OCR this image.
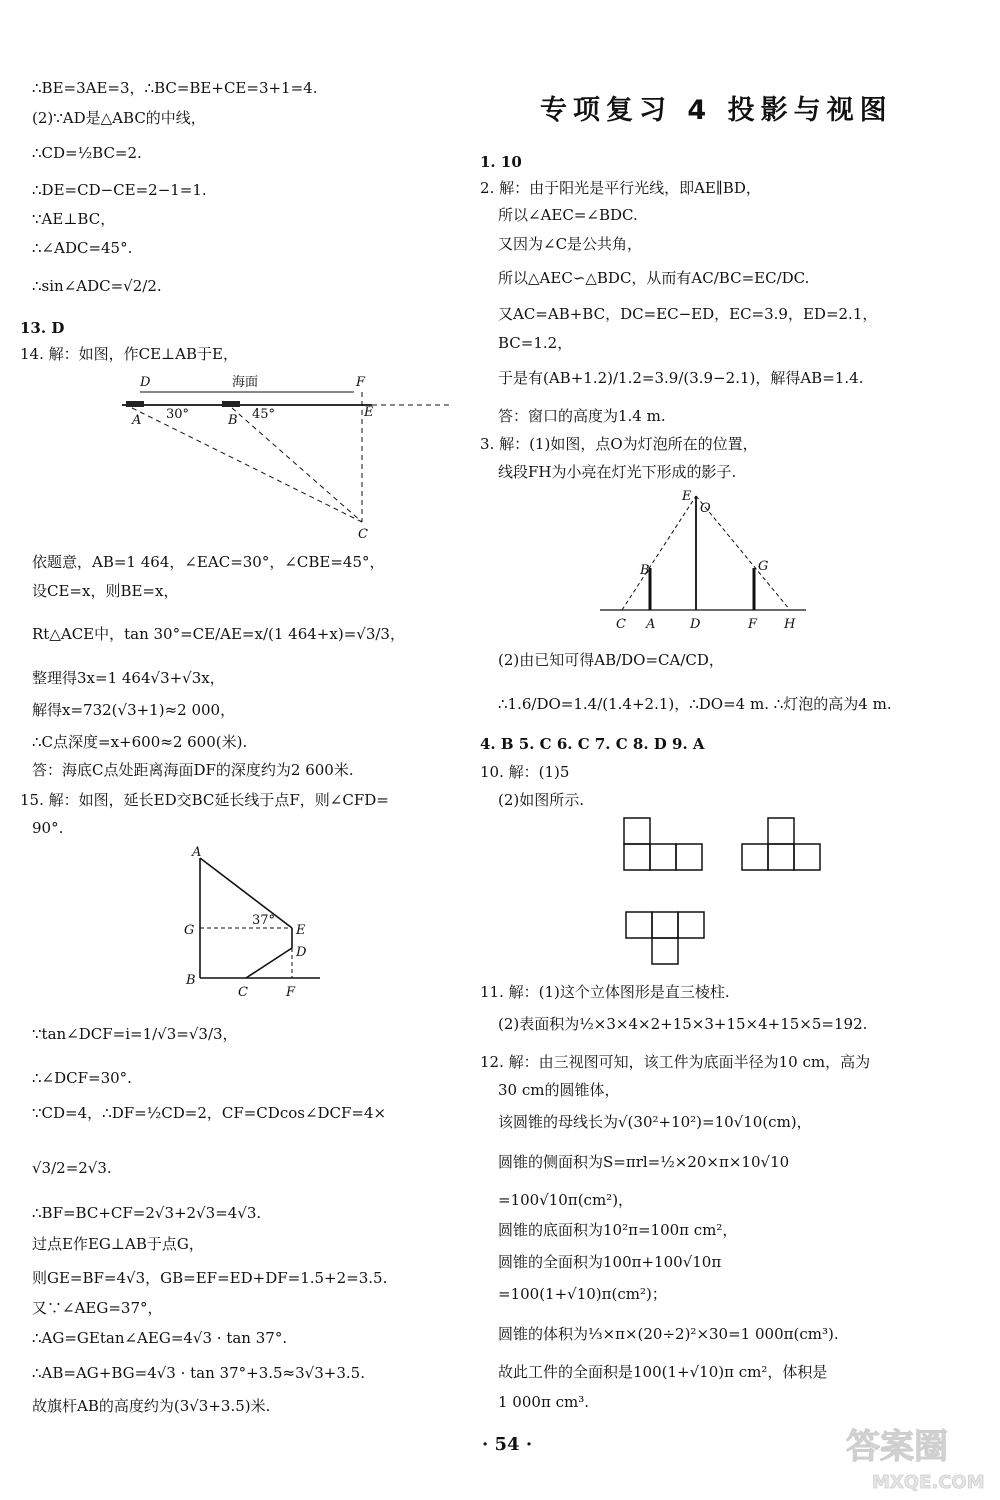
∴BE=3AE=3，∴BC=BE+CE=3+1=4.
(2)∵AD是△ABC的中线，
∴CD=½BC=2.
∴DE=CD−CE=2−1=1.
∵AE⊥BC，
∴∠ADC=45°.
∴sin∠ADC=√2/2.
13. D
14. 解：如图，作CE⊥AB于E，
D	海面	F
A 30°	B 45°	E
C
依题意，AB=1 464，∠EAC=30°，∠CBE=45°，
设CE=x，则BE=x，
Rt△ACE中，tan 30°=CE/AE=x/(1 464+x)=√3/3，
整理得3x=1 464√3+√3x，
解得x=732(√3+1)≈2 000，
∴C点深度=x+600≈2 600(米).
答：海底C点处距离海面DF的深度约为2 600米.
15. 解：如图，延长ED交BC延长线于点F，则∠CFD=
90°.
A
G
37°
E
D
B
C	F
∵tan∠DCF=i=1/√3=√3/3，
∴∠DCF=30°.
∵CD=4，∴DF=½CD=2，CF=CDcos∠DCF=4×
√3/2=2√3.
∴BF=BC+CF=2√3+2√3=4√3.
过点E作EG⊥AB于点G，
则GE=BF=4√3，GB=EF=ED+DF=1.5+2=3.5.
又∵∠AEG=37°，
∴AG=GEtan∠AEG=4√3 · tan 37°.
∴AB=AG+BG=4√3 · tan 37°+3.5≈3√3+3.5.
故旗杆AB的高度约为(3√3+3.5)米.
专项复习 4 投影与视图
1. 10
2. 解：由于阳光是平行光线，即AE∥BD，
所以∠AEC=∠BDC.
又因为∠C是公共角，
所以△AEC∽△BDC，从而有AC/BC=EC/DC.
又AC=AB+BC，DC=EC−ED，EC=3.9，ED=2.1，
BC=1.2，
于是有(AB+1.2)/1.2=3.9/(3.9−2.1)，解得AB=1.4.
答：窗口的高度为1.4 m.
3. 解：(1)如图，点O为灯泡所在的位置，
线段FH为小亮在灯光下形成的影子.
E
O
B	G
C A	D	F H
(2)由已知可得AB/DO=CA/CD，
∴1.6/DO=1.4/(1.4+2.1)，∴DO=4 m. ∴灯泡的高为4 m.
4. B 5. C 6. C 7. C 8. D 9. A
10. 解：(1)5
(2)如图所示.
11. 解：(1)这个立体图形是直三棱柱.
(2)表面积为½×3×4×2+15×3+15×4+15×5=192.
12. 解：由三视图可知，该工件为底面半径为10 cm，高为
30 cm的圆锥体，
该圆锥的母线长为√(30²+10²)=10√10(cm)，
圆锥的侧面积为S=πrl=½×20×π×10√10
=100√10π(cm²)，
圆锥的底面积为10²π=100π cm²，
圆锥的全面积为100π+100√10π
=100(1+√10)π(cm²)；
圆锥的体积为⅓×π×(20÷2)²×30=1 000π(cm³).
故此工件的全面积是100(1+√10)π cm²，体积是
1 000π cm³.
· 54 ·	答案圈
MXQE.COM
